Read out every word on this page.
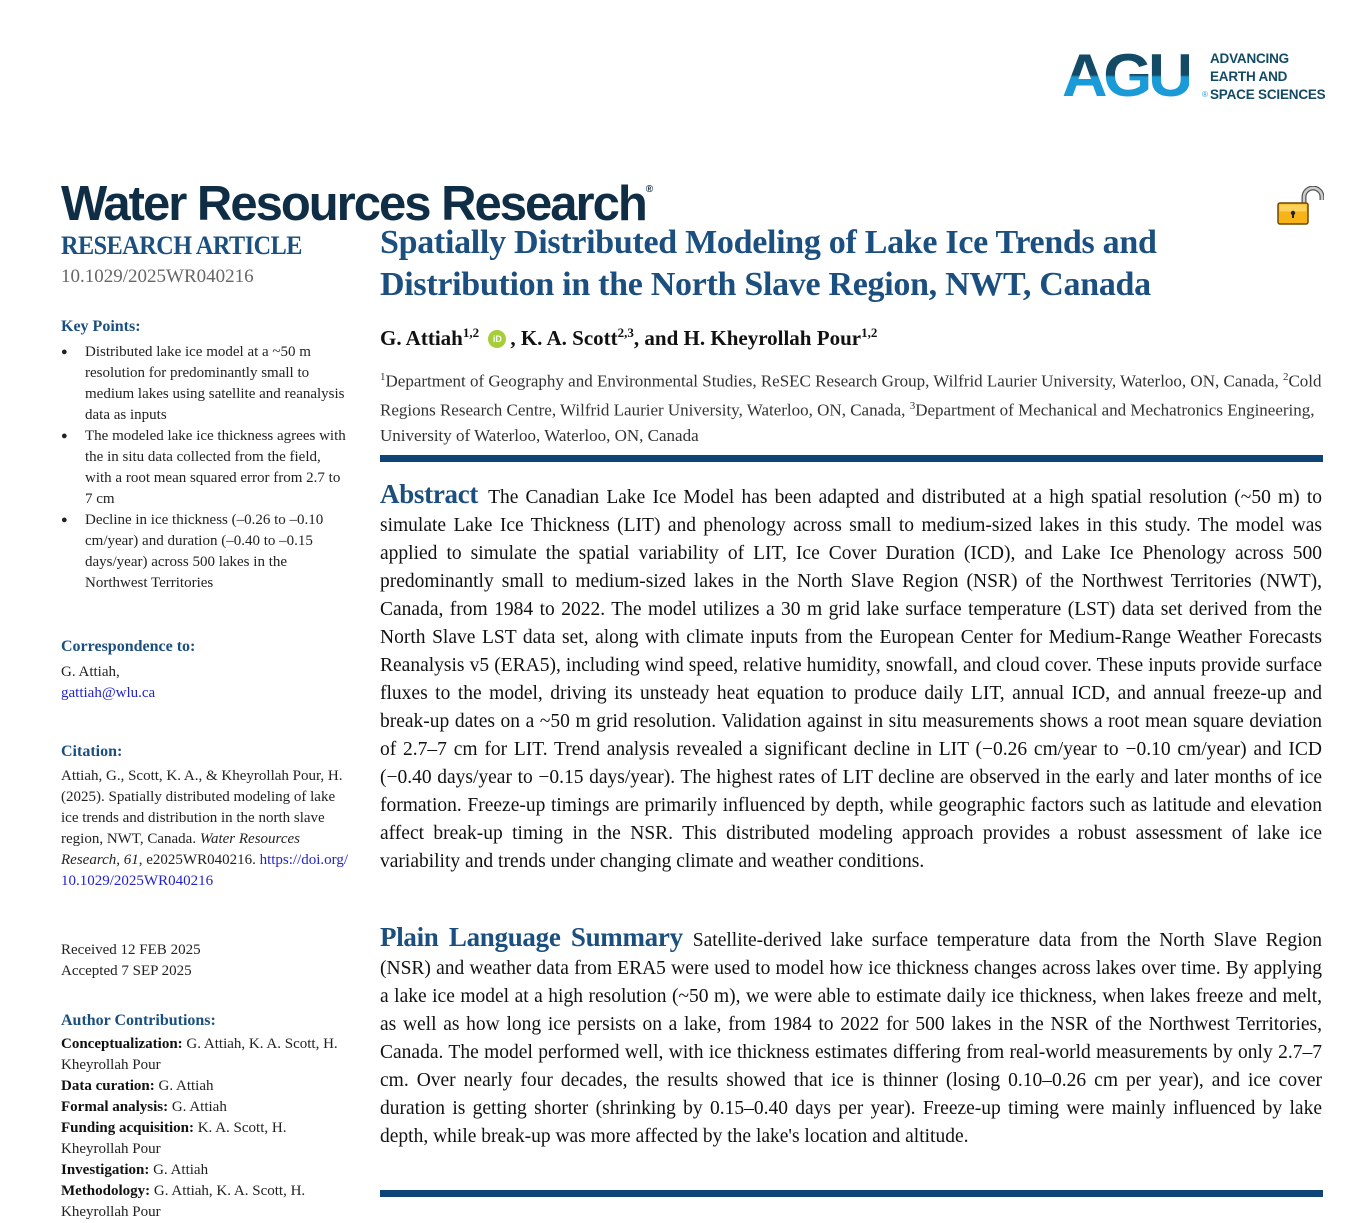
AGU ®
ADVANCING
EARTH AND
SPACE SCIENCES
Water Resources Research®
RESEARCH ARTICLE
10.1029/2025WR040216
Key Points:
● Distributed lake ice model at a ~50 m resolution for predominantly small to medium lakes using satellite and reanalysis data as inputs
● The modeled lake ice thickness agrees with the in situ data collected from the field, with a root mean squared error from 2.7 to 7 cm
● Decline in ice thickness (–0.26 to –0.10 cm/year) and duration (–0.40 to –0.15 days/year) across 500 lakes in the Northwest Territories
Correspondence to:
G. Attiah,
gattiah@wlu.ca
Citation:
Attiah, G., Scott, K. A., & Kheyrollah Pour, H. (2025). Spatially distributed modeling of lake ice trends and distribution in the north slave region, NWT, Canada. Water Resources Research, 61, e2025WR040216. https://doi.org/10.1029/2025WR040216
Received 12 FEB 2025
Accepted 7 SEP 2025
Author Contributions:
Conceptualization: G. Attiah, K. A. Scott, H. Kheyrollah Pour
Data curation: G. Attiah
Formal analysis: G. Attiah
Funding acquisition: K. A. Scott, H. Kheyrollah Pour
Investigation: G. Attiah
Methodology: G. Attiah, K. A. Scott, H. Kheyrollah Pour
Spatially Distributed Modeling of Lake Ice Trends and Distribution in the North Slave Region, NWT, Canada
G. Attiah$^{1,2}$ iD , K. A. Scott$^{2,3}$, and H. Kheyrollah Pour$^{1,2}$
$^1$Department of Geography and Environmental Studies, ReSEC Research Group, Wilfrid Laurier University, Waterloo, ON, Canada, $^2$Cold Regions Research Centre, Wilfrid Laurier University, Waterloo, ON, Canada, $^3$Department of Mechanical and Mechatronics Engineering, University of Waterloo, Waterloo, ON, Canada
Abstract The Canadian Lake Ice Model has been adapted and distributed at a high spatial resolution (~50 m) to simulate Lake Ice Thickness (LIT) and phenology across small to medium-sized lakes in this study. The model was applied to simulate the spatial variability of LIT, Ice Cover Duration (ICD), and Lake Ice Phenology across 500 predominantly small to medium-sized lakes in the North Slave Region (NSR) of the Northwest Territories (NWT), Canada, from 1984 to 2022. The model utilizes a 30 m grid lake surface temperature (LST) data set derived from the North Slave LST data set, along with climate inputs from the European Center for Medium-Range Weather Forecasts Reanalysis v5 (ERA5), including wind speed, relative humidity, snowfall, and cloud cover. These inputs provide surface fluxes to the model, driving its unsteady heat equation to produce daily LIT, annual ICD, and annual freeze-up and break-up dates on a ~50 m grid resolution. Validation against in situ measurements shows a root mean square deviation of 2.7–7 cm for LIT. Trend analysis revealed a significant decline in LIT (−0.26 cm/year to −0.10 cm/year) and ICD (−0.40 days/year to −0.15 days/year). The highest rates of LIT decline are observed in the early and later months of ice formation. Freeze-up timings are primarily influenced by depth, while geographic factors such as latitude and elevation affect break-up timing in the NSR. This distributed modeling approach provides a robust assessment of lake ice variability and trends under changing climate and weather conditions.
Plain Language Summary Satellite-derived lake surface temperature data from the North Slave Region (NSR) and weather data from ERA5 were used to model how ice thickness changes across lakes over time. By applying a lake ice model at a high resolution (~50 m), we were able to estimate daily ice thickness, when lakes freeze and melt, as well as how long ice persists on a lake, from 1984 to 2022 for 500 lakes in the NSR of the Northwest Territories, Canada. The model performed well, with ice thickness estimates differing from real-world measurements by only 2.7–7 cm. Over nearly four decades, the results showed that ice is thinner (losing 0.10–0.26 cm per year), and ice cover duration is getting shorter (shrinking by 0.15–0.40 days per year). Freeze-up timing were mainly influenced by lake depth, while break-up was more affected by the lake's location and altitude.
